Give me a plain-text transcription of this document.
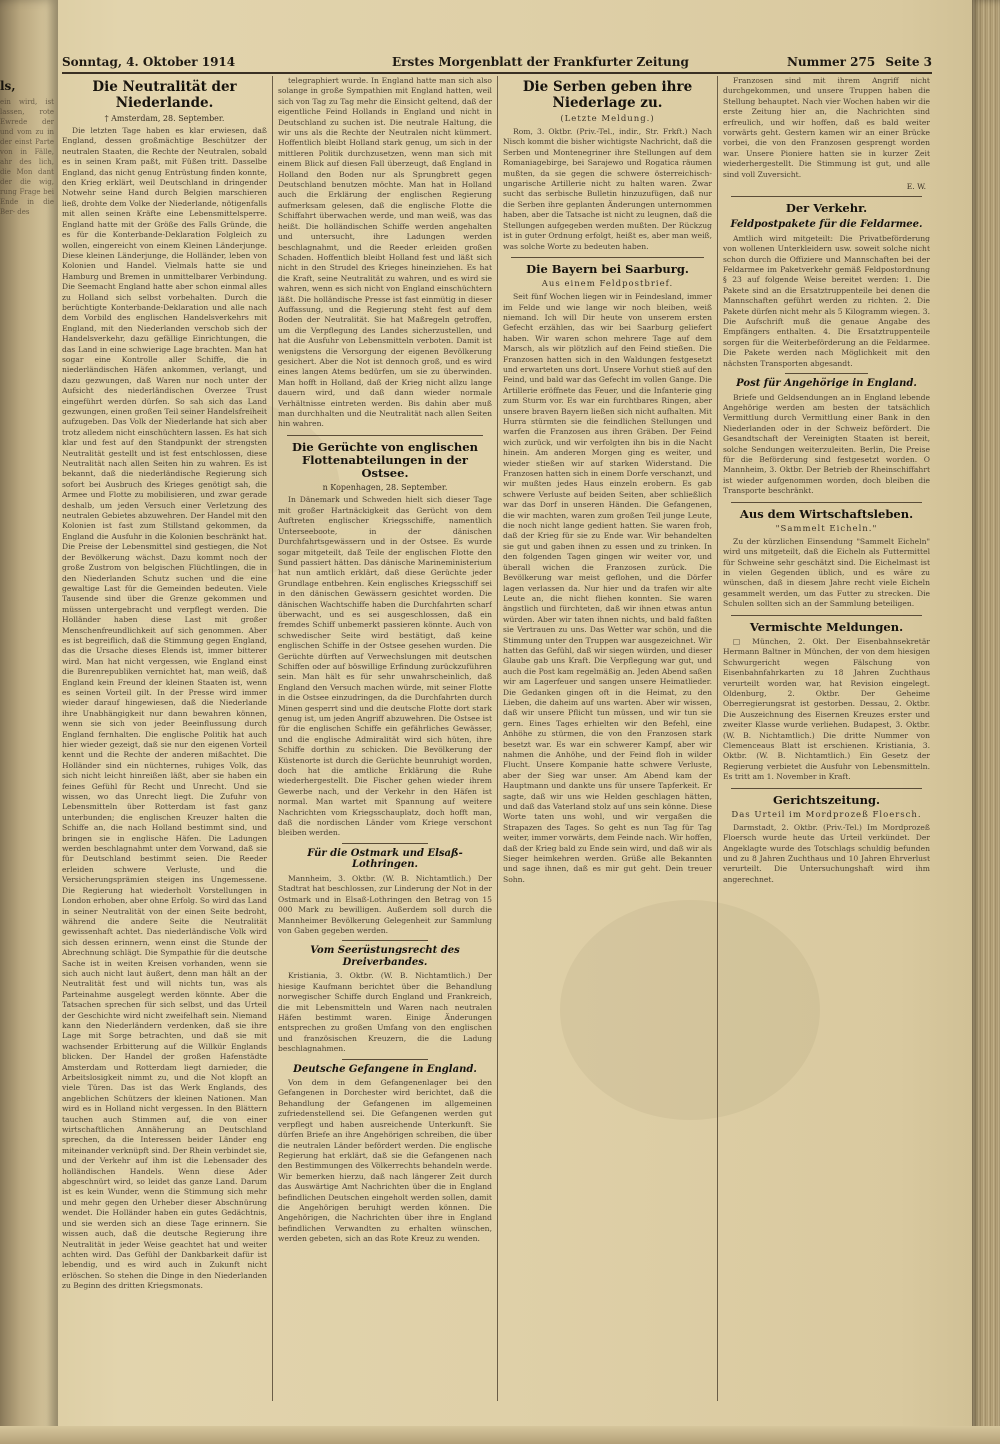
ls,

ein wird, ist lassen, rote Ewrede der und vom zu in der einst Parte von in Fälle, ahr des lich, die Mon dant der die wig, rung Frage bei Ende in die Ber- des

Sonntag, 4. Oktober 1914	Erstes Morgenblatt der Frankfurter Zeitung	Nummer 275 Seite 3
Die Neutralität der Niederlande.
† Amsterdam, 28. September.

Die letzten Tage haben es klar erwiesen, daß England, dessen großmächtige Beschützer der neutralen Staaten, die Rechte der Neutralen, sobald es in seinen Kram paßt, mit Füßen tritt. Dasselbe England, das nicht genug Entrüstung finden konnte, den Krieg erklärt, weil Deutschland in dringender Notwehr seine Hand durch Belgien marschieren ließ, drohte dem Volke der Niederlande, nötigenfalls mit allen seinen Kräfte eine Lebensmittelsperre. England hatte mit der Größe des Falls Gründe, die es für die Konterbande-Deklaration Folgleich zu wollen, eingereicht von einem Kleinen Länderjunge. Diese kleinen Länderjunge, die Holländer, leben von Kolonien und Handel. Vielmals hatte sie und Hamburg und Bremen in unmittelbarer Verbindung. Die Seemacht England hatte aber schon einmal alles zu Holland sich selbst vorbehalten. Durch die berüchtigte Konterbande-Deklaration und alle nach dem Vorbild des englischen Handelsverkehrs mit England, mit den Niederlanden verschob sich der Handelsverkehr, dazu gefällige Einrichtungen, die das Land in eine schwierige Lage brachten. Man hat sogar eine Kontrolle aller Schiffe, die in niederländischen Häfen ankommen, verlangt, und dazu gezwungen, daß Waren nur noch unter der Aufsicht des niederländischen Overzee Trust eingeführt werden dürfen. So sah sich das Land gezwungen, einen großen Teil seiner Handelsfreiheit aufzugeben. Das Volk der Niederlande hat sich aber trotz alledem nicht einschüchtern lassen. Es hat sich klar und fest auf den Standpunkt der strengsten Neutralität gestellt und ist fest entschlossen, diese Neutralität nach allen Seiten hin zu wahren. Es ist bekannt, daß die niederländische Regierung sich sofort bei Ausbruch des Krieges genötigt sah, die Armee und Flotte zu mobilisieren, und zwar gerade deshalb, um jeden Versuch einer Verletzung des neutralen Gebietes abzuwehren. Der Handel mit den Kolonien ist fast zum Stillstand gekommen, da England die Ausfuhr in die Kolonien beschränkt hat. Die Preise der Lebensmittel sind gestiegen, die Not der Bevölkerung wächst. Dazu kommt noch der große Zustrom von belgischen Flüchtlingen, die in den Niederlanden Schutz suchen und die eine gewaltige Last für die Gemeinden bedeuten. Viele Tausende sind über die Grenze gekommen und müssen untergebracht und verpflegt werden. Die Holländer haben diese Last mit großer Menschenfreundlichkeit auf sich genommen. Aber es ist begreiflich, daß die Stimmung gegen England, das die Ursache dieses Elends ist, immer bitterer wird. Man hat nicht vergessen, wie England einst die Burenrepubliken vernichtet hat, man weiß, daß England kein Freund der kleinen Staaten ist, wenn es seinen Vorteil gilt. In der Presse wird immer wieder darauf hingewiesen, daß die Niederlande ihre Unabhängigkeit nur dann bewahren können, wenn sie sich von jeder Beeinflussung durch England fernhalten. Die englische Politik hat auch hier wieder gezeigt, daß sie nur den eigenen Vorteil kennt und die Rechte der anderen mißachtet. Die Holländer sind ein nüchternes, ruhiges Volk, das sich nicht leicht hinreißen läßt, aber sie haben ein feines Gefühl für Recht und Unrecht. Und sie wissen, wo das Unrecht liegt. Die Zufuhr von Lebensmitteln über Rotterdam ist fast ganz unterbunden; die englischen Kreuzer halten die Schiffe an, die nach Holland bestimmt sind, und bringen sie in englische Häfen. Die Ladungen werden beschlagnahmt unter dem Vorwand, daß sie für Deutschland bestimmt seien. Die Reeder erleiden schwere Verluste, und die Versicherungsprämien steigen ins Ungemessene. Die Regierung hat wiederholt Vorstellungen in London erhoben, aber ohne Erfolg. So wird das Land in seiner Neutralität von der einen Seite bedroht, während die andere Seite die Neutralität gewissenhaft achtet. Das niederländische Volk wird sich dessen erinnern, wenn einst die Stunde der Abrechnung schlägt. Die Sympathie für die deutsche Sache ist in weiten Kreisen vorhanden, wenn sie sich auch nicht laut äußert, denn man hält an der Neutralität fest und will nichts tun, was als Parteinahme ausgelegt werden könnte. Aber die Tatsachen sprechen für sich selbst, und das Urteil der Geschichte wird nicht zweifelhaft sein. Niemand kann den Niederländern verdenken, daß sie ihre Lage mit Sorge betrachten, und daß sie mit wachsender Erbitterung auf die Willkür Englands blicken. Der Handel der großen Hafenstädte Amsterdam und Rotterdam liegt darnieder, die Arbeitslosigkeit nimmt zu, und die Not klopft an viele Türen. Das ist das Werk Englands, des angeblichen Schützers der kleinen Nationen. Man wird es in Holland nicht vergessen. In den Blättern tauchen auch Stimmen auf, die von einer wirtschaftlichen Annäherung an Deutschland sprechen, da die Interessen beider Länder eng miteinander verknüpft sind. Der Rhein verbindet sie, und der Verkehr auf ihm ist die Lebensader des holländischen Handels. Wenn diese Ader abgeschnürt wird, so leidet das ganze Land. Darum ist es kein Wunder, wenn die Stimmung sich mehr und mehr gegen den Urheber dieser Abschnürung wendet. Die Holländer haben ein gutes Gedächtnis, und sie werden sich an diese Tage erinnern. Sie wissen auch, daß die deutsche Regierung ihre Neutralität in jeder Weise geachtet hat und weiter achten wird. Das Gefühl der Dankbarkeit dafür ist lebendig, und es wird auch in Zukunft nicht erlöschen. So stehen die Dinge in den Niederlanden zu Beginn des dritten Kriegsmonats.

telegraphiert wurde. In England hatte man sich also solange in große Sympathien mit England hatten, weil sich von Tag zu Tag mehr die Einsicht geltend, daß der eigentliche Feind Hollands in England und nicht in Deutschland zu suchen ist. Die neutrale Haltung, die wir uns als die Rechte der Neutralen nicht kümmert. Hoffentlich bleibt Holland stark genug, um sich in der mittleren Politik durchzusetzen, wenn man sich mit einem Blick auf diesen Fall überzeugt, daß England in Holland den Boden nur als Sprungbrett gegen Deutschland benutzen möchte. Man hat in Holland auch die Erklärung der englischen Regierung aufmerksam gelesen, daß die englische Flotte die Schiffahrt überwachen werde, und man weiß, was das heißt. Die holländischen Schiffe werden angehalten und untersucht, ihre Ladungen werden beschlagnahmt, und die Reeder erleiden großen Schaden. Hoffentlich bleibt Holland fest und läßt sich nicht in den Strudel des Krieges hineinziehen. Es hat die Kraft, seine Neutralität zu wahren, und es wird sie wahren, wenn es sich nicht von England einschüchtern läßt. Die holländische Presse ist fast einmütig in dieser Auffassung, und die Regierung steht fest auf dem Boden der Neutralität. Sie hat Maßregeln getroffen, um die Verpflegung des Landes sicherzustellen, und hat die Ausfuhr von Lebensmitteln verboten. Damit ist wenigstens die Versorgung der eigenen Bevölkerung gesichert. Aber die Not ist dennoch groß, und es wird eines langen Atems bedürfen, um sie zu überwinden. Man hofft in Holland, daß der Krieg nicht allzu lange dauern wird, und daß dann wieder normale Verhältnisse eintreten werden. Bis dahin aber muß man durchhalten und die Neutralität nach allen Seiten hin wahren.

Die Gerüchte von englischen Flottenabteilungen in der Ostsee.
n Kopenhagen, 28. September.

In Dänemark und Schweden hielt sich dieser Tage mit großer Hartnäckigkeit das Gerücht von dem Auftreten englischer Kriegsschiffe, namentlich Unterseeboote, in der dänischen Durchfahrtsgewässern und in der Ostsee. Es wurde sogar mitgeteilt, daß Teile der englischen Flotte den Sund passiert hätten. Das dänische Marineministerium hat nun amtlich erklärt, daß diese Gerüchte jeder Grundlage entbehren. Kein englisches Kriegsschiff sei in den dänischen Gewässern gesichtet worden. Die dänischen Wachtschiffe haben die Durchfahrten scharf überwacht, und es sei ausgeschlossen, daß ein fremdes Schiff unbemerkt passieren könnte. Auch von schwedischer Seite wird bestätigt, daß keine englischen Schiffe in der Ostsee gesehen wurden. Die Gerüchte dürften auf Verwechslungen mit deutschen Schiffen oder auf böswillige Erfindung zurückzuführen sein. Man hält es für sehr unwahrscheinlich, daß England den Versuch machen würde, mit seiner Flotte in die Ostsee einzudringen, da die Durchfahrten durch Minen gesperrt sind und die deutsche Flotte dort stark genug ist, um jeden Angriff abzuwehren. Die Ostsee ist für die englischen Schiffe ein gefährliches Gewässer, und die englische Admiralität wird sich hüten, ihre Schiffe dorthin zu schicken. Die Bevölkerung der Küstenorte ist durch die Gerüchte beunruhigt worden, doch hat die amtliche Erklärung die Ruhe wiederhergestellt. Die Fischer gehen wieder ihrem Gewerbe nach, und der Verkehr in den Häfen ist normal. Man wartet mit Spannung auf weitere Nachrichten vom Kriegsschauplatz, doch hofft man, daß die nordischen Länder vom Kriege verschont bleiben werden.

Für die Ostmark und Elsaß-Lothringen.

Mannheim, 3. Oktbr. (W. B. Nichtamtlich.) Der Stadtrat hat beschlossen, zur Linderung der Not in der Ostmark und in Elsaß-Lothringen den Betrag von 15 000 Mark zu bewilligen. Außerdem soll durch die Mannheimer Bevölkerung Gelegenheit zur Sammlung von Gaben gegeben werden.

Vom Seerüstungsrecht des Dreiverbandes.

Kristiania, 3. Oktbr. (W. B. Nichtamtlich.) Der hiesige Kaufmann berichtet über die Behandlung norwegischer Schiffe durch England und Frankreich, die mit Lebensmitteln und Waren nach neutralen Häfen bestimmt waren. Einige Änderungen entsprechen zu großen Umfang von den englischen und französischen Kreuzern, die die Ladung beschlagnahmen.

Deutsche Gefangene in England.

Von dem in dem Gefangenenlager bei den Gefangenen in Dorchester wird berichtet, daß die Behandlung der Gefangenen im allgemeinen zufriedenstellend sei. Die Gefangenen werden gut verpflegt und haben ausreichende Unterkunft. Sie dürfen Briefe an ihre Angehörigen schreiben, die über die neutralen Länder befördert werden. Die englische Regierung hat erklärt, daß sie die Gefangenen nach den Bestimmungen des Völkerrechts behandeln werde. Wir bemerken hierzu, daß nach längerer Zeit durch das Auswärtige Amt Nachrichten über die in England befindlichen Deutschen eingeholt werden sollen, damit die Angehörigen beruhigt werden können. Die Angehörigen, die Nachrichten über ihre in England befindlichen Verwandten zu erhalten wünschen, werden gebeten, sich an das Rote Kreuz zu wenden.

Die Serben geben ihre Niederlage zu.
(Letzte Meldung.)

Rom, 3. Oktbr. (Priv.-Tel., indir., Str. Frkft.) Nach Nisch kommt die bisher wichtigste Nachricht, daß die Serben und Montenegriner ihre Stellungen auf dem Romaniagebirge, bei Sarajewo und Rogatica räumen mußten, da sie gegen die schwere österreichisch-ungarische Artillerie nicht zu halten waren. Zwar sucht das serbische Bulletin hinzuzufügen, daß nur die Serben ihre geplanten Änderungen unternommen haben, aber die Tatsache ist nicht zu leugnen, daß die Stellungen aufgegeben werden mußten. Der Rückzug ist in guter Ordnung erfolgt, heißt es, aber man weiß, was solche Worte zu bedeuten haben.

Die Bayern bei Saarburg.
Aus einem Feldpostbrief.

Seit fünf Wochen liegen wir in Feindesland, immer im Felde und wie lange wir noch bleiben, weiß niemand. Ich will Dir heute von unserem ersten Gefecht erzählen, das wir bei Saarburg geliefert haben. Wir waren schon mehrere Tage auf dem Marsch, als wir plötzlich auf den Feind stießen. Die Franzosen hatten sich in den Waldungen festgesetzt und erwarteten uns dort. Unsere Vorhut stieß auf den Feind, und bald war das Gefecht im vollen Gange. Die Artillerie eröffnete das Feuer, und die Infanterie ging zum Sturm vor. Es war ein furchtbares Ringen, aber unsere braven Bayern ließen sich nicht aufhalten. Mit Hurra stürmten sie die feindlichen Stellungen und warfen die Franzosen aus ihren Gräben. Der Feind wich zurück, und wir verfolgten ihn bis in die Nacht hinein. Am anderen Morgen ging es weiter, und wieder stießen wir auf starken Widerstand. Die Franzosen hatten sich in einem Dorfe verschanzt, und wir mußten jedes Haus einzeln erobern. Es gab schwere Verluste auf beiden Seiten, aber schließlich war das Dorf in unseren Händen. Die Gefangenen, die wir machten, waren zum großen Teil junge Leute, die noch nicht lange gedient hatten. Sie waren froh, daß der Krieg für sie zu Ende war. Wir behandelten sie gut und gaben ihnen zu essen und zu trinken. In den folgenden Tagen gingen wir weiter vor, und überall wichen die Franzosen zurück. Die Bevölkerung war meist geflohen, und die Dörfer lagen verlassen da. Nur hier und da trafen wir alte Leute an, die nicht fliehen konnten. Sie waren ängstlich und fürchteten, daß wir ihnen etwas antun würden. Aber wir taten ihnen nichts, und bald faßten sie Vertrauen zu uns. Das Wetter war schön, und die Stimmung unter den Truppen war ausgezeichnet. Wir hatten das Gefühl, daß wir siegen würden, und dieser Glaube gab uns Kraft. Die Verpflegung war gut, und auch die Post kam regelmäßig an. Jeden Abend saßen wir am Lagerfeuer und sangen unsere Heimatlieder. Die Gedanken gingen oft in die Heimat, zu den Lieben, die daheim auf uns warten. Aber wir wissen, daß wir unsere Pflicht tun müssen, und wir tun sie gern. Eines Tages erhielten wir den Befehl, eine Anhöhe zu stürmen, die von den Franzosen stark besetzt war. Es war ein schwerer Kampf, aber wir nahmen die Anhöhe, und der Feind floh in wilder Flucht. Unsere Kompanie hatte schwere Verluste, aber der Sieg war unser. Am Abend kam der Hauptmann und dankte uns für unsere Tapferkeit. Er sagte, daß wir uns wie Helden geschlagen hätten, und daß das Vaterland stolz auf uns sein könne. Diese Worte taten uns wohl, und wir vergaßen die Strapazen des Tages. So geht es nun Tag für Tag weiter, immer vorwärts, dem Feinde nach. Wir hoffen, daß der Krieg bald zu Ende sein wird, und daß wir als Sieger heimkehren werden. Grüße alle Bekannten und sage ihnen, daß es mir gut geht. Dein treuer Sohn.

Franzosen sind mit ihrem Angriff nicht durchgekommen, und unsere Truppen haben die Stellung behauptet. Nach vier Wochen haben wir die erste Zeitung hier an, die Nachrichten sind erfreulich, und wir hoffen, daß es bald weiter vorwärts geht. Gestern kamen wir an einer Brücke vorbei, die von den Franzosen gesprengt worden war. Unsere Pioniere hatten sie in kurzer Zeit wiederhergestellt. Die Stimmung ist gut, und alle sind voll Zuversicht.

E. W.
Der Verkehr.
Feldpostpakete für die Feldarmee.

Amtlich wird mitgeteilt: Die Privatbeförderung von wollenen Unterkleidern usw. soweit solche nicht schon durch die Offiziere und Mannschaften bei der Feldarmee im Paketverkehr gemäß Feldpostordnung § 23 auf folgende Weise bereitet werden: 1. Die Pakete sind an die Ersatztruppenteile bei denen die Mannschaften geführt werden zu richten. 2. Die Pakete dürfen nicht mehr als 5 Kilogramm wiegen. 3. Die Aufschrift muß die genaue Angabe des Empfängers enthalten. 4. Die Ersatztruppenteile sorgen für die Weiterbeförderung an die Feldarmee. Die Pakete werden nach Möglichkeit mit den nächsten Transporten abgesandt.

Post für Angehörige in England.

Briefe und Geldsendungen an in England lebende Angehörige werden am besten der tatsächlich Vermittlung durch Vermittlung einer Bank in den Niederlanden oder in der Schweiz befördert. Die Gesandtschaft der Vereinigten Staaten ist bereit, solche Sendungen weiterzuleiten. Berlin, Die Preise für die Beförderung sind festgesetzt worden. O Mannheim, 3. Oktbr. Der Betrieb der Rheinschiffahrt ist wieder aufgenommen worden, doch bleiben die Transporte beschränkt.

Aus dem Wirtschaftsleben.
"Sammelt Eicheln."

Zu der kürzlichen Einsendung "Sammelt Eicheln" wird uns mitgeteilt, daß die Eicheln als Futtermittel für Schweine sehr geschätzt sind. Die Eichelmast ist in vielen Gegenden üblich, und es wäre zu wünschen, daß in diesem Jahre recht viele Eicheln gesammelt werden, um das Futter zu strecken. Die Schulen sollten sich an der Sammlung beteiligen.

Vermischte Meldungen.

□ München, 2. Okt. Der Eisenbahnsekretär Hermann Baltner in München, der von dem hiesigen Schwurgericht wegen Fälschung von Eisenbahnfahrkarten zu 18 Jahren Zuchthaus verurteilt worden war, hat Revision eingelegt. Oldenburg, 2. Oktbr. Der Geheime Oberregierungsrat ist gestorben. Dessau, 2. Oktbr. Die Auszeichnung des Eisernen Kreuzes erster und zweiter Klasse wurde verliehen. Budapest, 3. Oktbr. (W. B. Nichtamtlich.) Die dritte Nummer von Clemenceaus Blatt ist erschienen. Kristiania, 3. Oktbr. (W. B. Nichtamtlich.) Ein Gesetz der Regierung verbietet die Ausfuhr von Lebensmitteln. Es tritt am 1. November in Kraft.

Gerichtszeitung.
Das Urteil im Mordprozeß Floersch.

Darmstadt, 2. Oktbr. (Priv.-Tel.) Im Mordprozeß Floersch wurde heute das Urteil verkündet. Der Angeklagte wurde des Totschlags schuldig befunden und zu 8 Jahren Zuchthaus und 10 Jahren Ehrverlust verurteilt. Die Untersuchungshaft wird ihm angerechnet.
